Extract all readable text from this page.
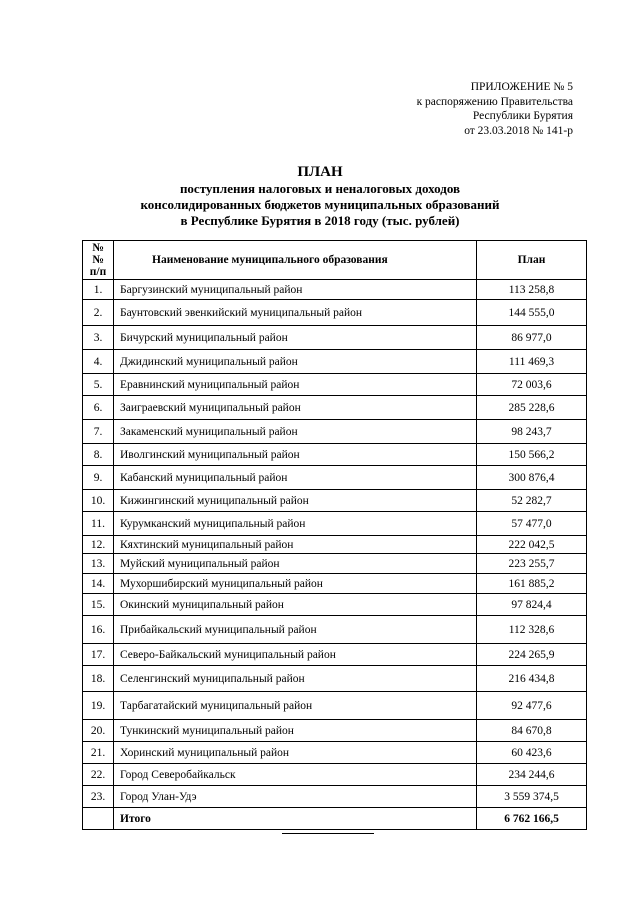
ПРИЛОЖЕНИЕ № 5
к распоряжению Правительства
Республики Бурятия
от 23.03.2018 № 141-р
ПЛАН
поступления налоговых и неналоговых доходов
консолидированных бюджетов муниципальных образований
в Республике Бурятия в 2018 году (тыс. рублей)
№№
п/п	Наименование муниципального образования	План
1.	Баргузинский муниципальный район	113 258,8
2.	Баунтовский эвенкийский муниципальный район	144 555,0
3.	Бичурский муниципальный район	86 977,0
4.	Джидинский муниципальный район	111 469,3
5.	Еравнинский муниципальный район	72 003,6
6.	Заиграевский муниципальный район	285 228,6
7.	Закаменский муниципальный район	98 243,7
8.	Иволгинский муниципальный район	150 566,2
9.	Кабанский муниципальный район	300 876,4
10.	Кижингинский муниципальный район	52 282,7
11.	Курумканский муниципальный район	57 477,0
12.	Кяхтинский муниципальный район	222 042,5
13.	Муйский муниципальный район	223 255,7
14.	Мухоршибирский муниципальный район	161 885,2
15.	Окинский муниципальный район	97 824,4
16.	Прибайкальский муниципальный район	112 328,6
17.	Северо-Байкальский муниципальный район	224 265,9
18.	Селенгинский муниципальный район	216 434,8
19.	Тарбагатайский муниципальный район	92 477,6
20.	Тункинский муниципальный район	84 670,8
21.	Хоринский муниципальный район	60 423,6
22.	Город Северобайкальск	234 244,6
23.	Город Улан-Удэ	3 559 374,5
	Итого	6 762 166,5
